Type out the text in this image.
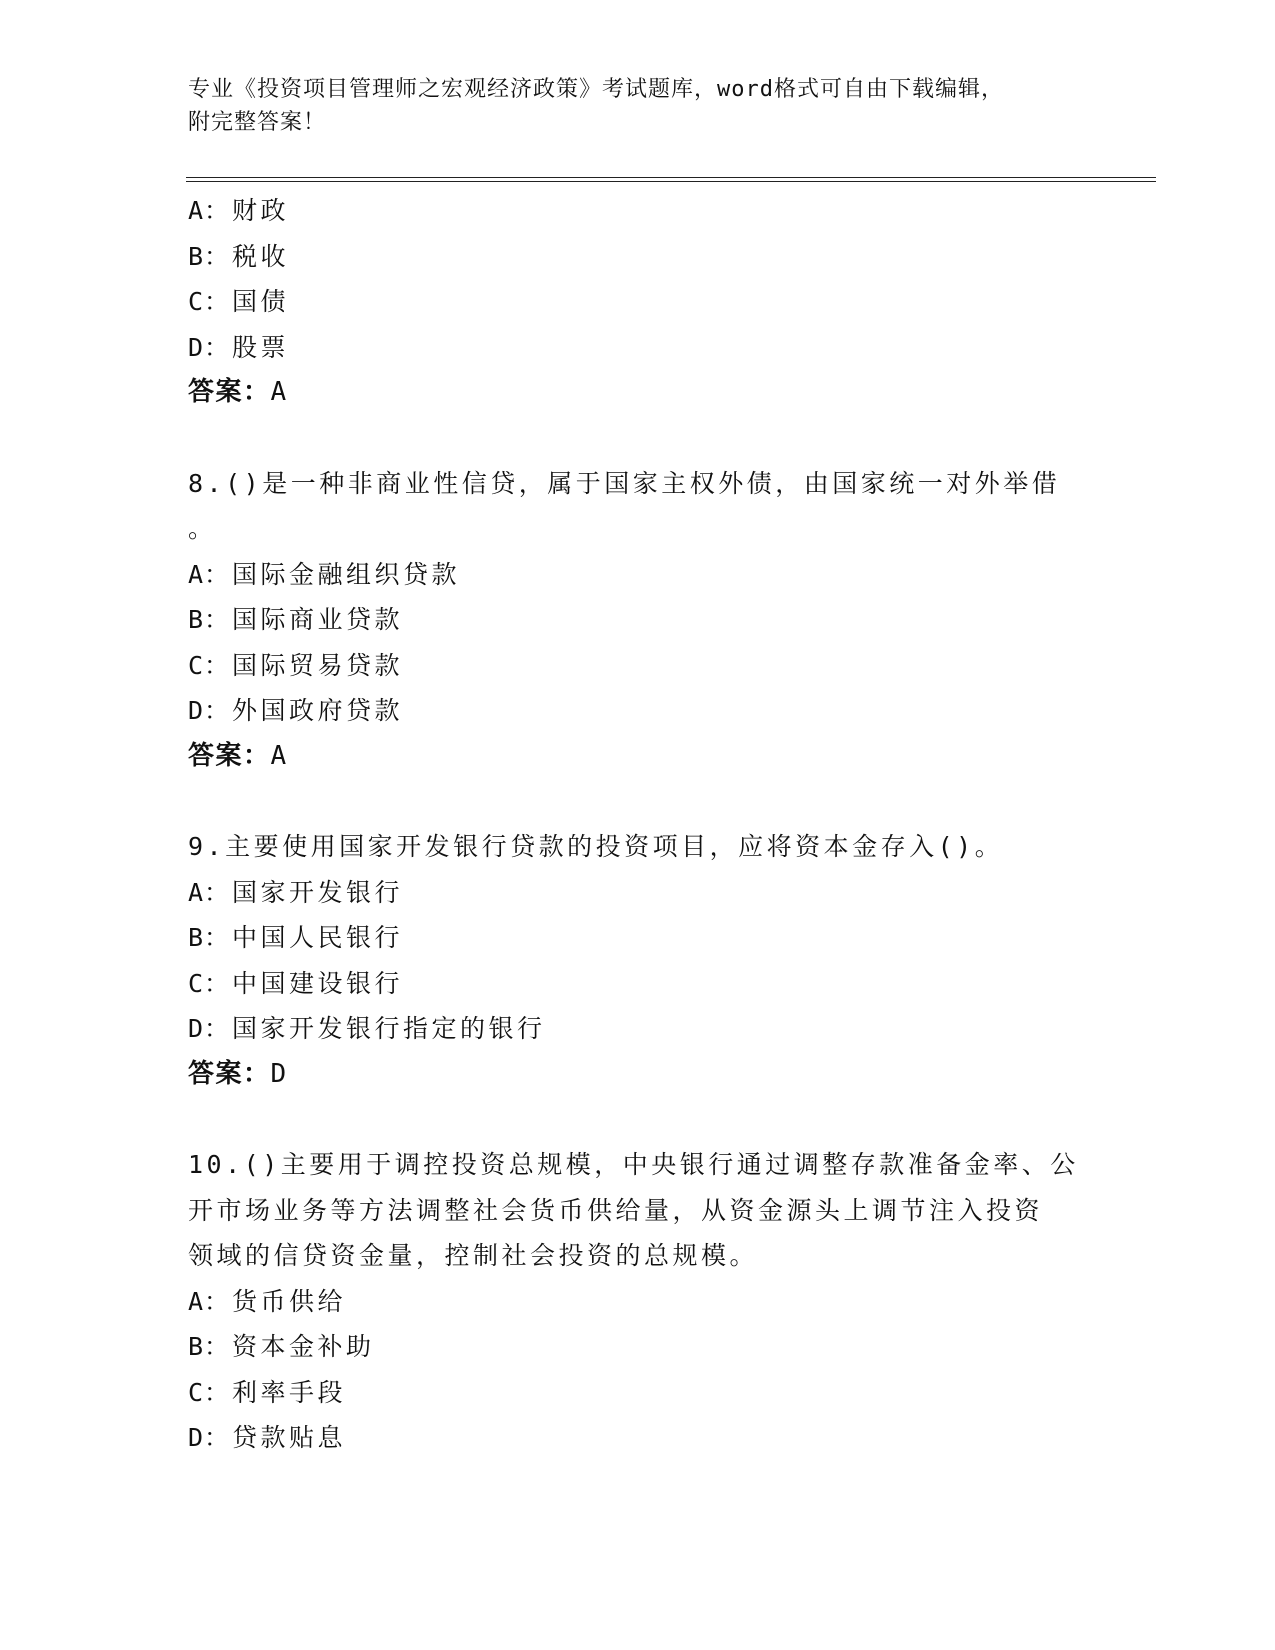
专业《投资项目管理师之宏观经济政策》考试题库，word格式可自由下载编辑，
附完整答案！
A：财政
B：税收
C：国债
D：股票
答案：A
8.()是一种非商业性信贷，属于国家主权外债，由国家统一对外举借
。
A：国际金融组织贷款
B：国际商业贷款
C：国际贸易贷款
D：外国政府贷款
答案：A
9.主要使用国家开发银行贷款的投资项目，应将资本金存入()。
A：国家开发银行
B：中国人民银行
C：中国建设银行
D：国家开发银行指定的银行
答案：D
10.()主要用于调控投资总规模，中央银行通过调整存款准备金率、公
开市场业务等方法调整社会货币供给量，从资金源头上调节注入投资
领域的信贷资金量，控制社会投资的总规模。
A：货币供给
B：资本金补助
C：利率手段
D：贷款贴息
